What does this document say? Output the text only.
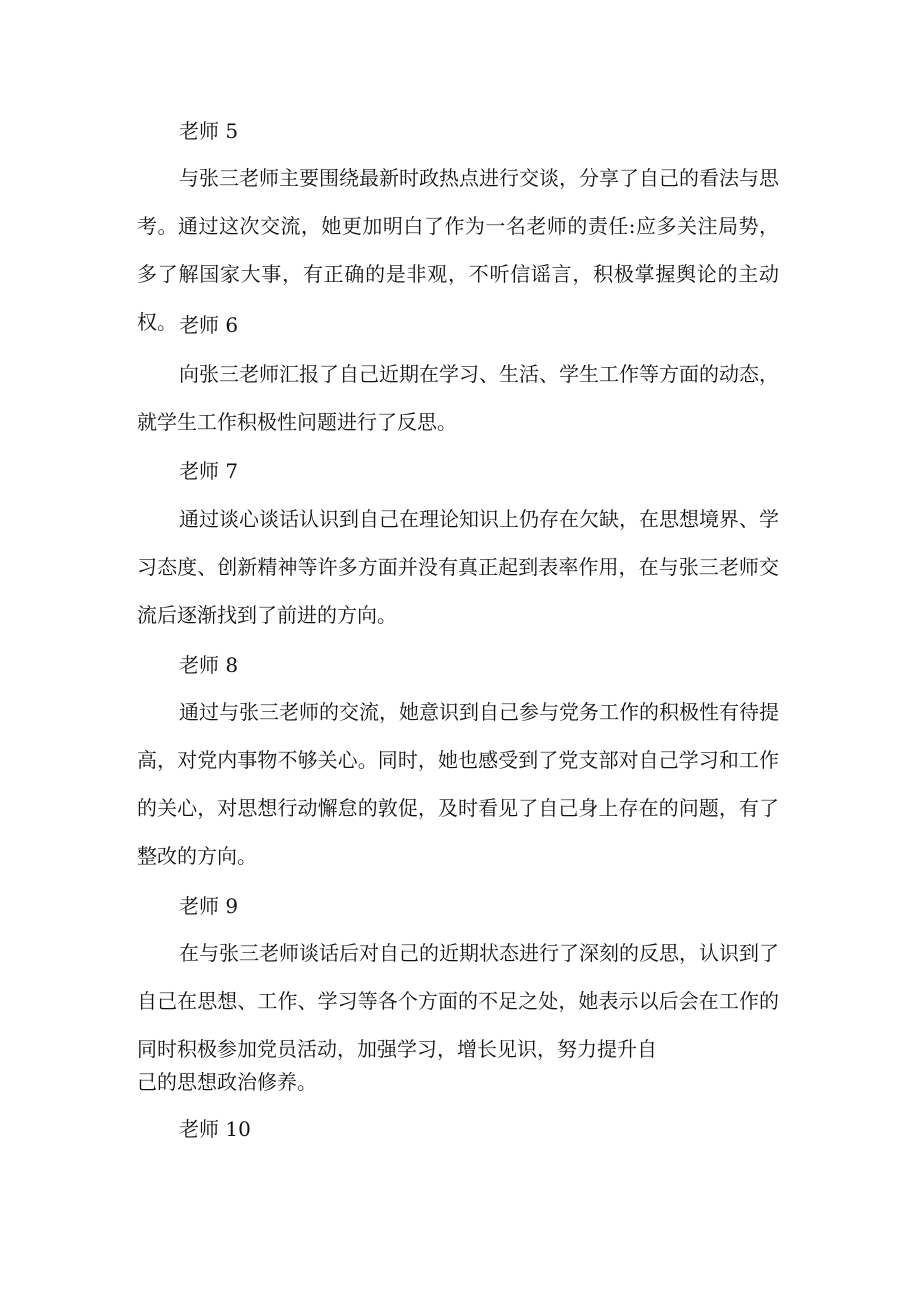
老师 5

与张三老师主要围绕最新时政热点进行交谈，分享了自己的看法与思考。通过这次交流，她更加明白了作为一名老师的责任:应多关注局势，多了解国家大事，有正确的是非观，不听信谣言，积极掌握舆论的主动权。 老师 6

向张三老师汇报了自己近期在学习、生活、学生工作等方面的动态，就学生工作积极性问题进行了反思。

老师 7

通过谈心谈话认识到自己在理论知识上仍存在欠缺，在思想境界、学习态度、创新精神等许多方面并没有真正起到表率作用，在与张三老师交流后逐渐找到了前进的方向。

老师 8

通过与张三老师的交流，她意识到自己参与党务工作的积极性有待提高，对党内事物不够关心。同时，她也感受到了党支部对自己学习和工作的关心，对思想行动懈怠的敦促，及时看见了自己身上存在的问题，有了整改的方向。

老师 9

在与张三老师谈话后对自己的近期状态进行了深刻的反思，认识到了自己在思想、工作、学习等各个方面的不足之处，她表示以后会在工作的同时积极参加党员活动，加强学习，增长见识，努力提升自

己的思想政治修养。

老师 10
